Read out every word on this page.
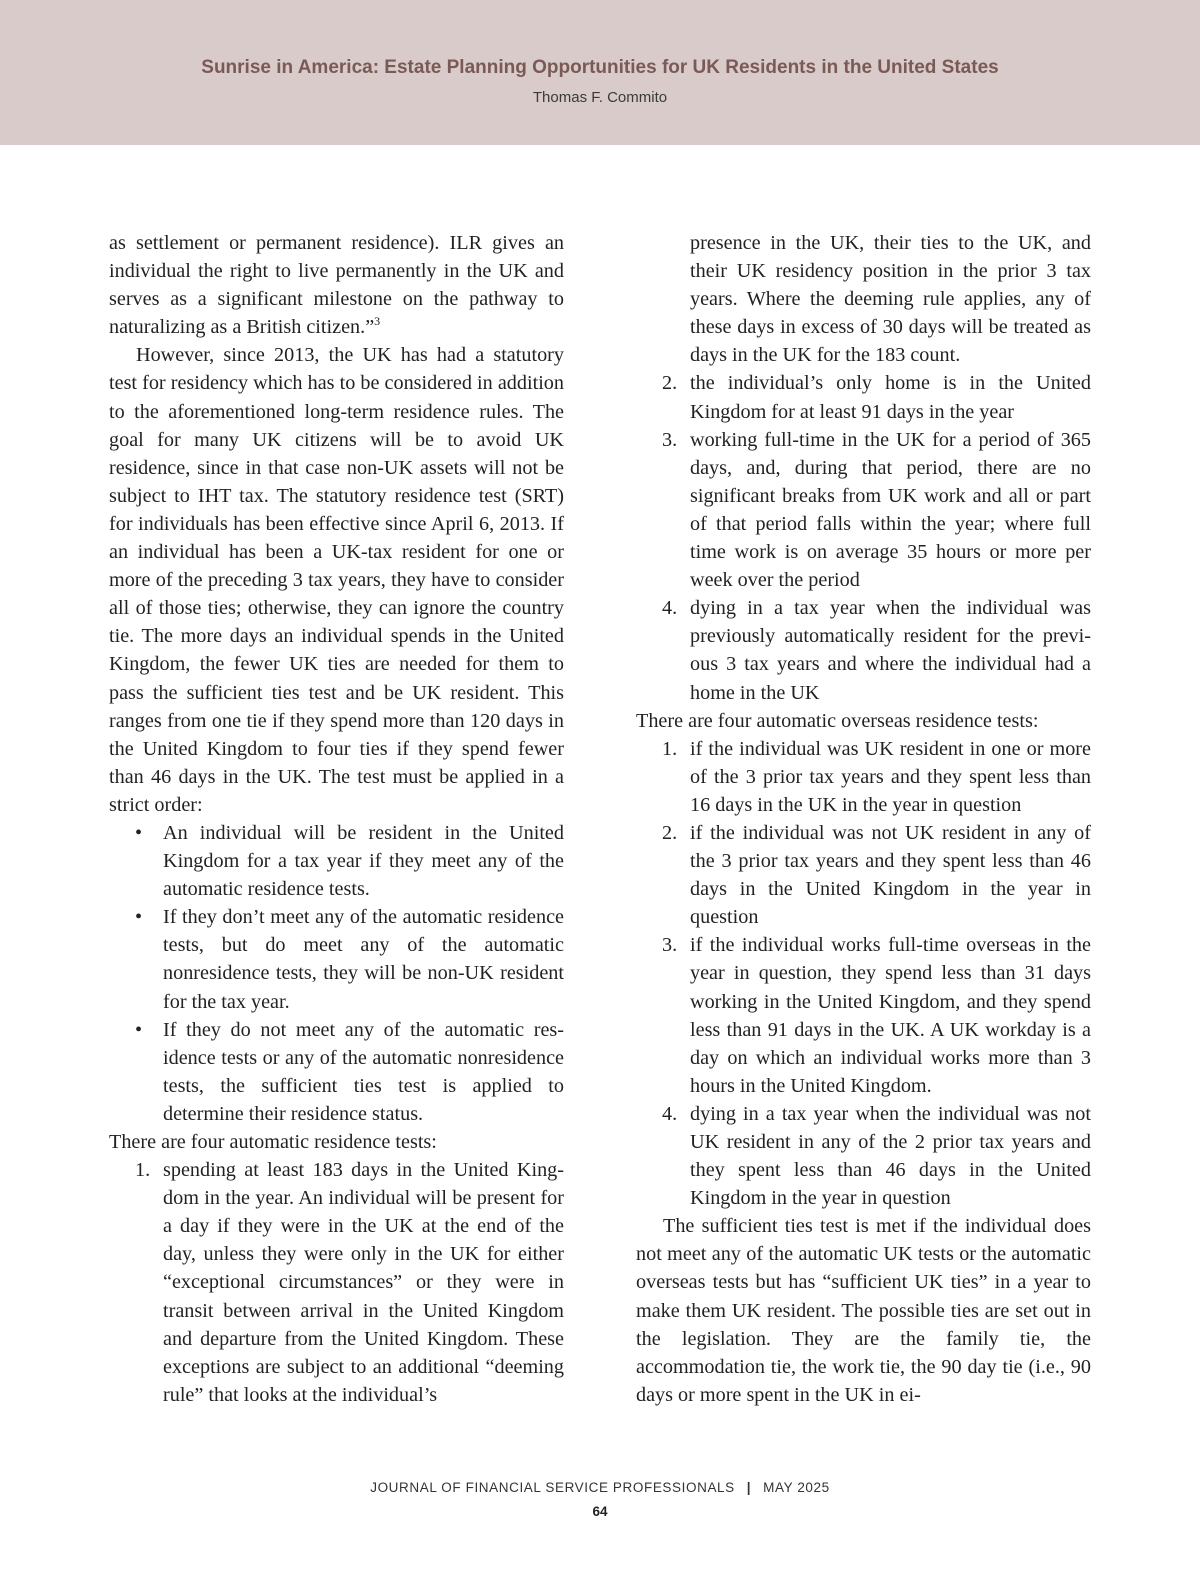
Sunrise in America: Estate Planning Opportunities for UK Residents in the United States
Thomas F. Commito

as settlement or permanent residence). ILR gives an individual the right to live permanently in the UK and serves as a significant milestone on the pathway to naturalizing as a British citizen.”$^3$

However, since 2013, the UK has had a statutory test for residency which has to be considered in addition to the aforementioned long-term residence rules. The goal for many UK citizens will be to avoid UK residence, since in that case non-UK assets will not be subject to IHT tax. The statutory residence test (SRT) for individuals has been effective since April 6, 2013. If an individual has been a UK-tax resident for one or more of the preceding 3 tax years, they have to consider all of those ties; otherwise, they can ignore the country tie. The more days an individual spends in the United Kingdom, the fewer UK ties are needed for them to pass the sufficient ties test and be UK resident. This ranges from one tie if they spend more than 120 days in the United Kingdom to four ties if they spend fewer than 46 days in the UK. The test must be applied in a strict order:

• An individual will be resident in the United Kingdom for a tax year if they meet any of the automatic residence tests.
• If they don’t meet any of the automatic residence tests, but do meet any of the automatic nonresidence tests, they will be non-UK resident for the tax year.
• If they do not meet any of the automatic residence tests or any of the automatic nonresidence tests, the sufficient ties test is applied to determine their residence status.

There are four automatic residence tests:

1. spending at least 183 days in the United Kingdom in the year. An individual will be present for a day if they were in the UK at the end of the day, unless they were only in the UK for either “exceptional circumstances” or they were in transit between arrival in the United Kingdom and departure from the United Kingdom. These exceptions are subject to an additional “deeming rule” that looks at the individual’s
presence in the UK, their ties to the UK, and their UK residency position in the prior 3 tax years. Where the deeming rule applies, any of these days in excess of 30 days will be treated as days in the UK for the 183 count.
2. the individual’s only home is in the United Kingdom for at least 91 days in the year
3. working full-time in the UK for a period of 365 days, and, during that period, there are no significant breaks from UK work and all or part of that period falls within the year; where full time work is on average 35 hours or more per week over the period
4. dying in a tax year when the individual was previously automatically resident for the previous 3 tax years and where the individual had a home in the UK

There are four automatic overseas residence tests:

1. if the individual was UK resident in one or more of the 3 prior tax years and they spent less than 16 days in the UK in the year in question
2. if the individual was not UK resident in any of the 3 prior tax years and they spent less than 46 days in the United Kingdom in the year in question
3. if the individual works full-time overseas in the year in question, they spend less than 31 days working in the United Kingdom, and they spend less than 91 days in the UK. A UK workday is a day on which an individual works more than 3 hours in the United Kingdom.
4. dying in a tax year when the individual was not UK resident in any of the 2 prior tax years and they spent less than 46 days in the United Kingdom in the year in question

The sufficient ties test is met if the individual does not meet any of the automatic UK tests or the automatic overseas tests but has “sufficient UK ties” in a year to make them UK resident. The possible ties are set out in the legislation. They are the family tie, the accommodation tie, the work tie, the 90 day tie (i.e., 90 days or more spent in the UK in ei-

JOURNAL OF FINANCIAL SERVICE PROFESSIONALS | MAY 2025
64
